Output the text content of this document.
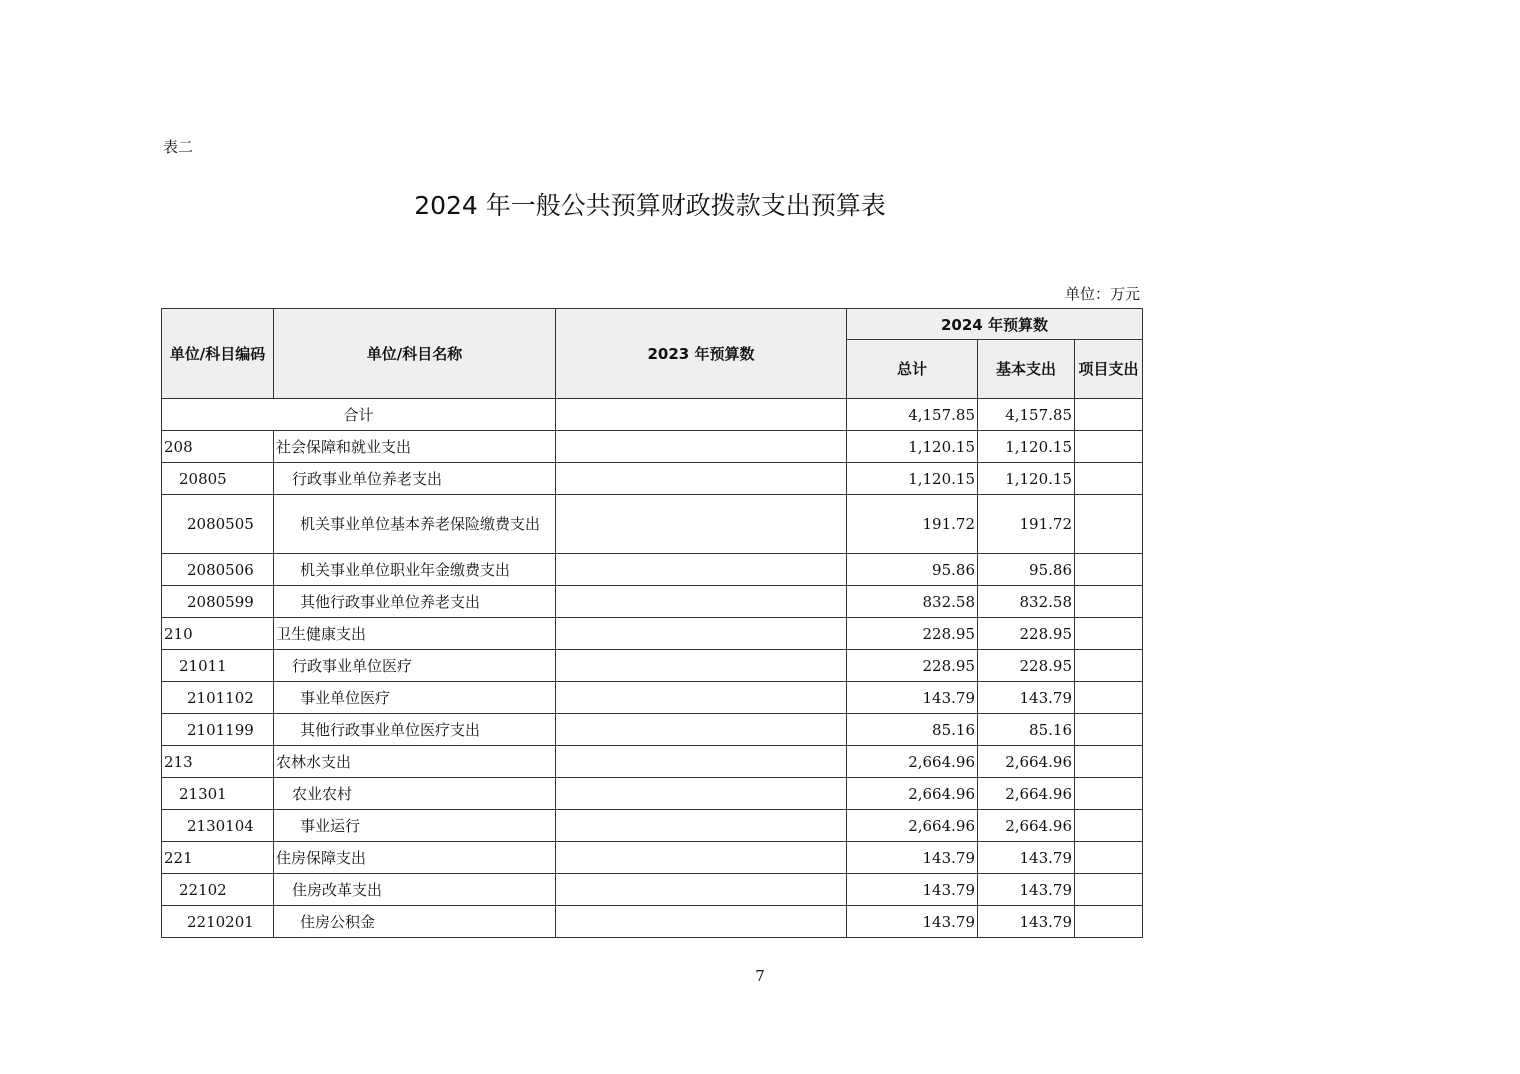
表二
2024 年一般公共预算财政拨款支出预算表
单位：万元
单位/科目编码	单位/科目名称	2023 年预算数	2024 年预算数		
			总计	基本支出	项目支出
合计			4,157.85	4,157.85	
208	社会保障和就业支出		1,120.15	1,120.15	
20805	行政事业单位养老支出		1,120.15	1,120.15	
2080505	机关事业单位基本养老保险缴费支出		191.72	191.72	
2080506	机关事业单位职业年金缴费支出		95.86	95.86	
2080599	其他行政事业单位养老支出		832.58	832.58	
210	卫生健康支出		228.95	228.95	
21011	行政事业单位医疗		228.95	228.95	
2101102	事业单位医疗		143.79	143.79	
2101199	其他行政事业单位医疗支出		85.16	85.16	
213	农林水支出		2,664.96	2,664.96	
21301	农业农村		2,664.96	2,664.96	
2130104	事业运行		2,664.96	2,664.96	
221	住房保障支出		143.79	143.79	
22102	住房改革支出		143.79	143.79	
2210201	住房公积金		143.79	143.79	
7
